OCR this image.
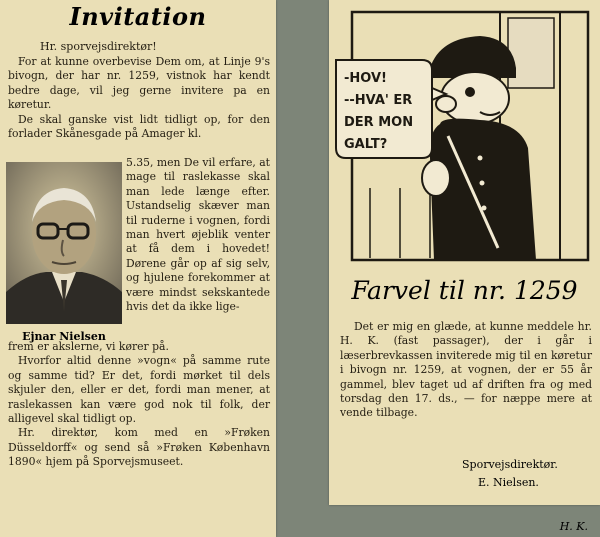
Invitation
Hr. sporvejsdirektør!

For at kunne overbevise Dem om, at Linje 9's bivogn, der har nr. 1259, vistnok har kendt bedre dage, vil jeg gerne invitere pa en køretur.

De skal ganske vist lidt tidligt op, for den forlader Skånesgade på Amager kl.

Ejnar Nielsen

5.35, men De vil erfare, at mage til raslekasse skal man lede længe efter. Ustandselig skæver man til ruderne i vognen, fordi man hvert øjeblik venter at få dem i hovedet! Dørene går op af sig selv, og hjulene forekommer at være mindst sekskantede hvis det da ikke lige-

frem er akslerne, vi kører på.

Hvorfor altid denne »vogn« på samme rute og samme tid? Er det, fordi mørket til dels skjuler den, eller er det, fordi man mener, at raslekassen kan være god nok til folk, der alligevel skal tidligt op.

Hr. direktør, kom med en »Frøken Düsseldorff« og send så »Frøken København 1890« hjem på Sporvejsmuseet.

H. K.
-HOV!
--HVA' ER
DER MON
GALT?
Farvel til nr. 1259

Det er mig en glæde, at kunne meddele hr. H. K. (fast passager), der i går i læserbrevkassen inviterede mig til en køretur i bivogn nr. 1259, at vognen, der er 55 år gammel, blev taget ud af driften fra og med torsdag den 17. ds., — for næppe mere at vende tilbage.

Sporvejsdirektør.
E. Nielsen.
